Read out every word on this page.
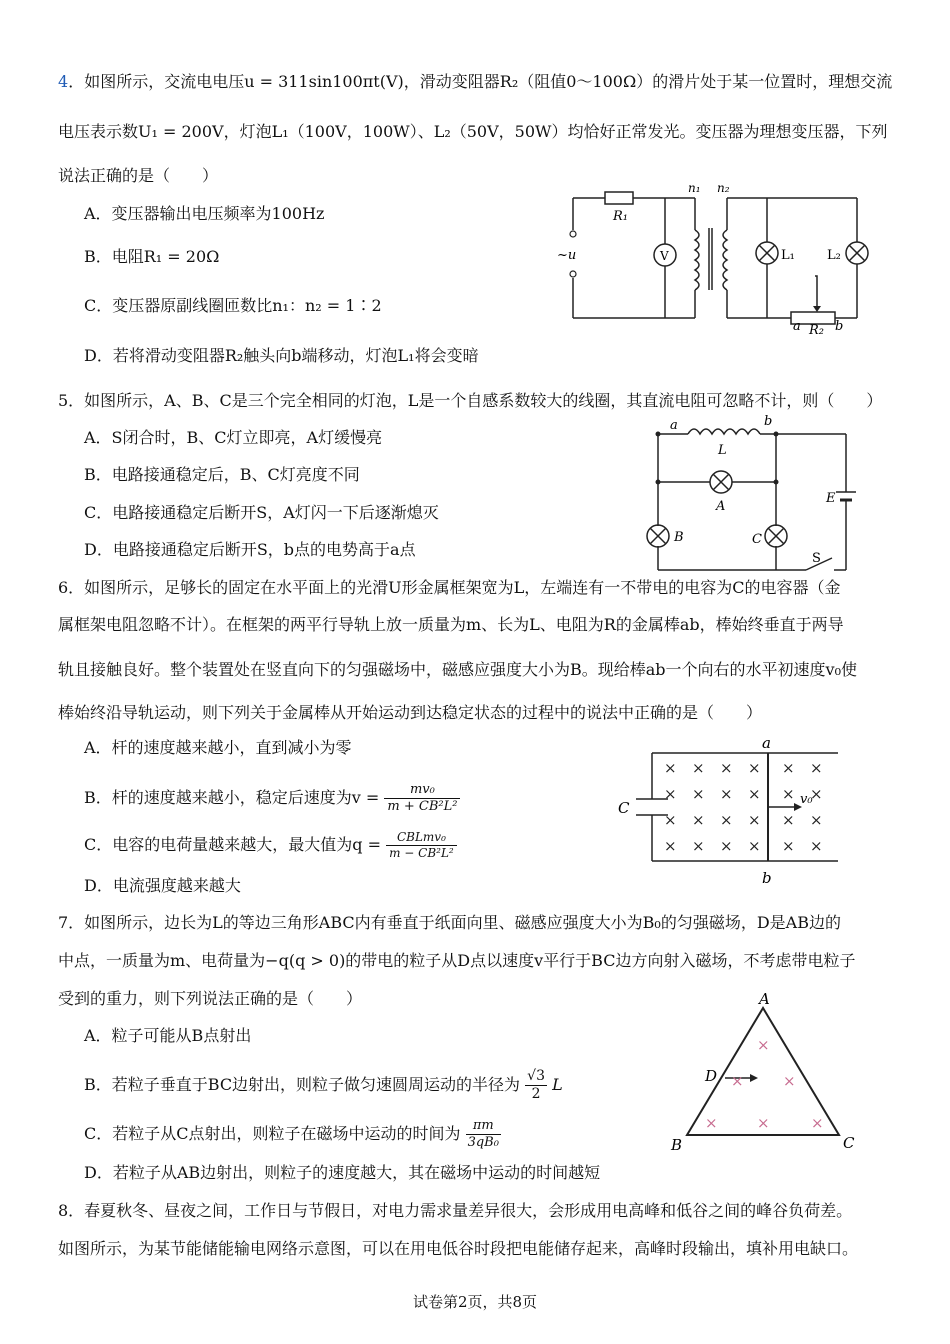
4．如图所示，交流电电压u = 311sin100πt(V)，滑动变阻器R₂（阻值0～100Ω）的滑片处于某一位置时，理想交流
电压表示数U₁ = 200V，灯泡L₁（100V，100W）、L₂（50V，50W）均恰好正常发光。变压器为理想变压器，下列
说法正确的是（　　）
A．变压器输出电压频率为100Hz
B．电阻R₁ = 20Ω
C．变压器原副线圈匝数比n₁：n₂ = 1∶2
D．若将滑动变阻器R₂触头向b端移动，灯泡L₁将会变暗
R₁
n₁ n₂
~u	V	L₁ L₂
a R₂ b
5．如图所示，A、B、C是三个完全相同的灯泡，L是一个自感系数较大的线圈，其直流电阻可忽略不计，则（　　）
A．S闭合时，B、C灯立即亮，A灯缓慢亮
B．电路接通稳定后，B、C灯亮度不同
C．电路接通稳定后断开S，A灯闪一下后逐渐熄灭
D．电路接通稳定后断开S，b点的电势高于a点
a	b
L
A
B	C
E
S
6．如图所示，足够长的固定在水平面上的光滑U形金属框架宽为L，左端连有一不带电的电容为C的电容器（金
属框架电阻忽略不计）。在框架的两平行导轨上放一质量为m、长为L、电阻为R的金属棒ab，棒始终垂直于两导
轨且接触良好。整个装置处在竖直向下的匀强磁场中，磁感应强度大小为B。现给棒ab一个向右的水平初速度v₀使
棒始终沿导轨运动，则下列关于金属棒从开始运动到达稳定状态的过程中的说法中正确的是（　　）
A．杆的速度越来越小，直到减小为零
B．杆的速度越来越小，稳定后速度为$v = \frac{\text{mv₀}}{\text{m + CB²L²}}$
C．电容的电荷量越来越大，最大值为q =	CBLmv₀
m − CB²L²
D．电流强度越来越大
×
×
×
×
×
×
×
×
×
×
×
×
×
×
×
×
×
×
×
×
×
×
×
×
a
b
C	v₀
7．如图所示，边长为L的等边三角形ABC内有垂直于纸面向里、磁感应强度大小为B₀的匀强磁场，D是AB边的
中点，一质量为m、电荷量为−q(q > 0)的带电的粒子从D点以速度v平行于BC边方向射入磁场，不考虑带电粒子
受到的重力，则下列说法正确的是（　　）
A．粒子可能从B点射出
B．若粒子垂直于BC边射出，则粒子做匀速圆周运动的半径为 $\frac{√3}{2}$ L
C．若粒子从C点射出，则粒子在磁场中运动的时间为 $\frac{\pi m}{\text{3qB₀}}$
D．若粒子从AB边射出，则粒子的速度越大，其在磁场中运动的时间越短
×
×	×
×	×	×
A
B	C
D
8．春夏秋冬、昼夜之间，工作日与节假日，对电力需求量差异很大，会形成用电高峰和低谷之间的峰谷负荷差。
如图所示，为某节能储能输电网络示意图，可以在用电低谷时段把电能储存起来，高峰时段输出，填补用电缺口。
试卷第2页，共8页
